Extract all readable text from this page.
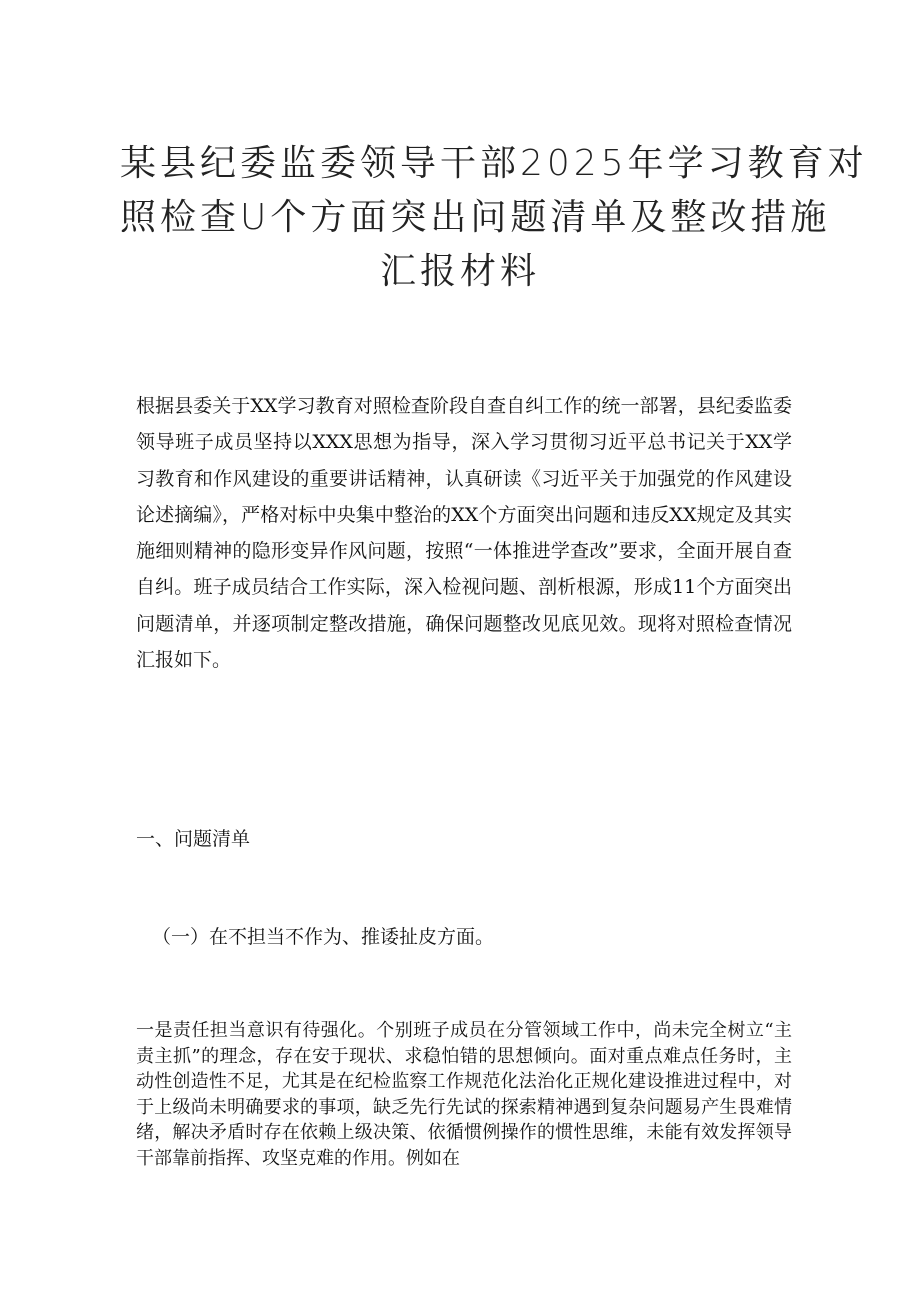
某县纪委监委领导干部2025年学习教育对
照检查U个方面突出问题清单及整改措施
汇报材料

根据县委关于XX学习教育对照检查阶段自查自纠工作的统一部署，县纪委监委领导班子成员坚持以XXX思想为指导，深入学习贯彻习近平总书记关于XX学习教育和作风建设的重要讲话精神，认真研读《习近平关于加强党的作风建设论述摘编》，严格对标中央集中整治的XX个方面突出问题和违反XX规定及其实施细则精神的隐形变异作风问题，按照“一体推进学查改”要求，全面开展自查自纠。班子成员结合工作实际，深入检视问题、剖析根源，形成11个方面突出问题清单，并逐项制定整改措施，确保问题整改见底见效。现将对照检查情况汇报如下。

一、问题清单

（一）在不担当不作为、推诿扯皮方面。

一是责任担当意识有待强化。个别班子成员在分管领域工作中，尚未完全树立“主责主抓”的理念，存在安于现状、求稳怕错的思想倾向。面对重点难点任务时，主动性创造性不足，尤其是在纪检监察工作规范化法治化正规化建设推进过程中，对于上级尚未明确要求的事项，缺乏先行先试的探索精神遇到复杂问题易产生畏难情绪，解决矛盾时存在依赖上级决策、依循惯例操作的惯性思维，未能有效发挥领导干部靠前指挥、攻坚克难的作用。例如在
